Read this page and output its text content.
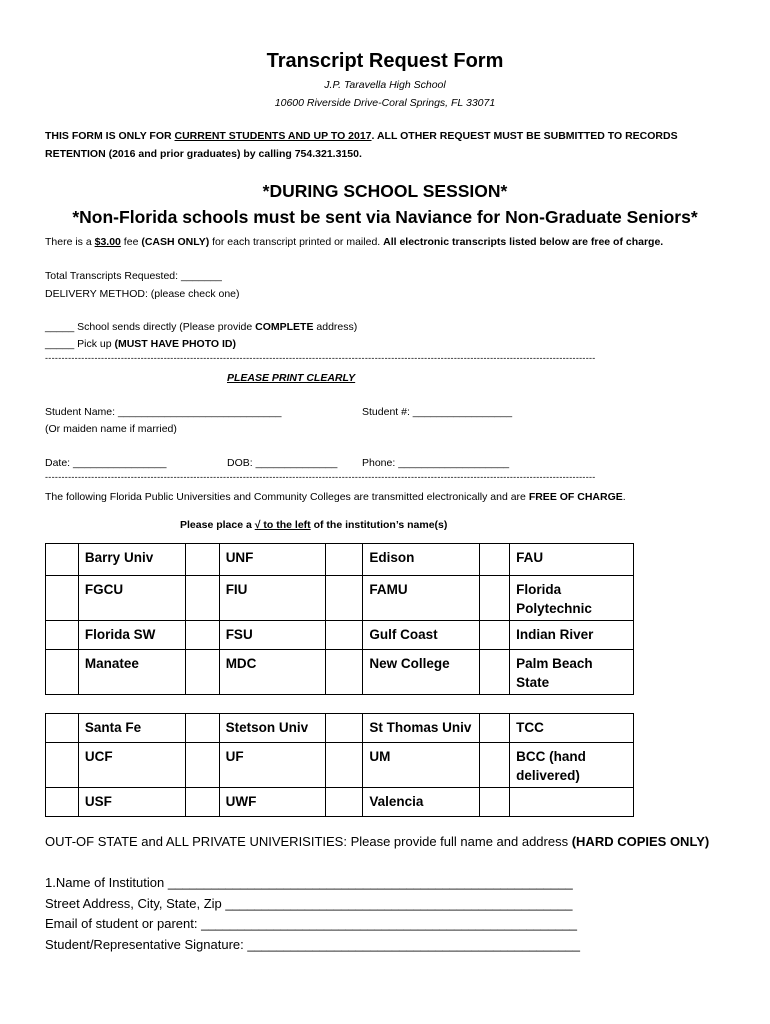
Transcript Request Form
J.P. Taravella High School
10600 Riverside Drive-Coral Springs, FL 33071
THIS FORM IS ONLY FOR CURRENT STUDENTS AND UP TO 2017. ALL OTHER REQUEST MUST BE SUBMITTED TO RECORDS
RETENTION (2016 and prior graduates) by calling 754.321.3150.
*DURING SCHOOL SESSION*
*Non-Florida schools must be sent via Naviance for Non-Graduate Seniors*
There is a $3.00 fee (CASH ONLY) for each transcript printed or mailed. All electronic transcripts listed below are free of charge.
Total Transcripts Requested: _______
DELIVERY METHOD: (please check one)
_____ School sends directly (Please provide COMPLETE address)
_____ Pick up (MUST HAVE PHOTO ID)
-----------------------------------------------------------------------------------------------------------------------------------------------------------------------
PLEASE PRINT CLEARLY
Student Name: ____________________________
(Or maiden name if married)
Student #: _________________
Date: ________________	DOB: ______________ Phone: ___________________
-----------------------------------------------------------------------------------------------------------------------------------------------------------------------
The following Florida Public Universities and Community Colleges are transmitted electronically and are FREE OF CHARGE.
Please place a √ to the left of the institution’s name(s)
	Barry Univ		UNF		Edison		FAU
	FGCU		FIU		FAMU		Florida Polytechnic
	Florida SW		FSU		Gulf Coast		Indian River
	Manatee		MDC		New College		Palm Beach State
	Santa Fe		Stetson Univ		St Thomas Univ		TCC
	UCF		UF		UM		BCC (hand delivered)
	USF		UWF		Valencia		
OUT-OF STATE and ALL PRIVATE UNIVERISITIES: Please provide full name and address (HARD COPIES ONLY)
1.Name of Institution ________________________________________________________
Street Address, City, State, Zip ________________________________________________
Email of student or parent: ____________________________________________________
Student/Representative Signature: ______________________________________________
